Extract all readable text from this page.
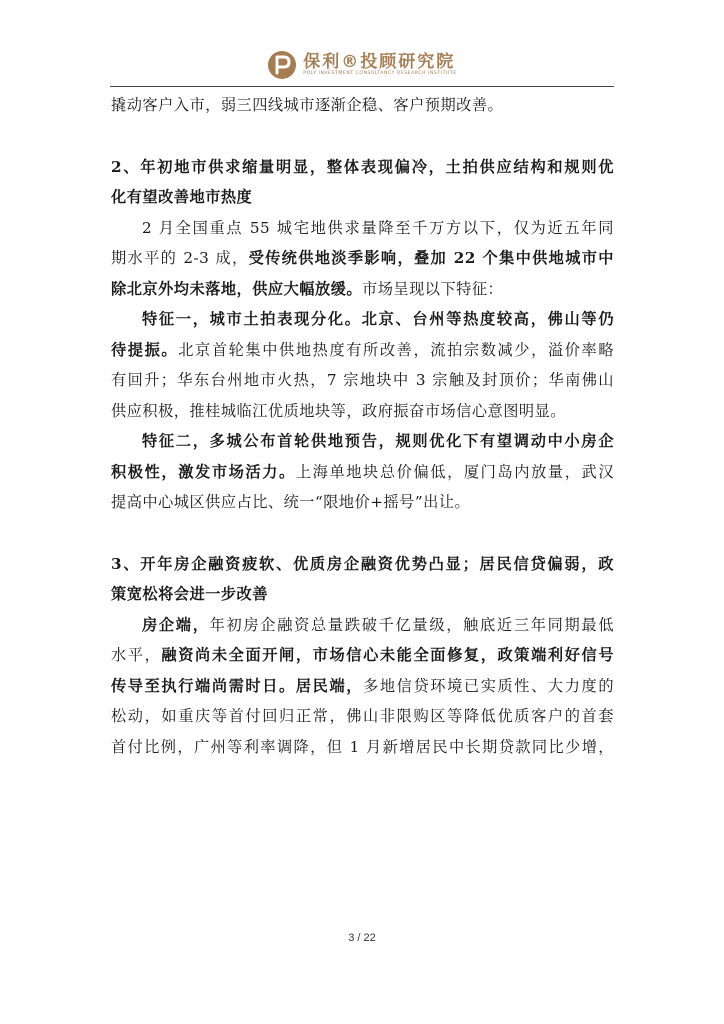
保利®投顾研究院
POLY INVESTMENT CONSULTANCY RESEARCH INSTITUTE

撬动客户入市，弱三四线城市逐渐企稳、客户预期改善。

2、年初地市供求缩量明显，整体表现偏冷，土拍供应结构和规则优

化有望改善地市热度

2 月全国重点 55 城宅地供求量降至千万方以下，仅为近五年同

期水平的 2-3 成，受传统供地淡季影响，叠加 22 个集中供地城市中

除北京外均未落地，供应大幅放缓。市场呈现以下特征：

特征一，城市土拍表现分化。北京、台州等热度较高，佛山等仍

待提振。北京首轮集中供地热度有所改善，流拍宗数减少，溢价率略

有回升；华东台州地市火热，7 宗地块中 3 宗触及封顶价；华南佛山

供应积极，推桂城临江优质地块等，政府振奋市场信心意图明显。

特征二，多城公布首轮供地预告，规则优化下有望调动中小房企

积极性，激发市场活力。上海单地块总价偏低，厦门岛内放量，武汉

提高中心城区供应占比、统一“限地价+摇号”出让。

3、开年房企融资疲软、优质房企融资优势凸显；居民信贷偏弱，政

策宽松将会进一步改善

房企端，年初房企融资总量跌破千亿量级，触底近三年同期最低

水平，融资尚未全面开闸，市场信心未能全面修复，政策端利好信号

传导至执行端尚需时日。居民端，多地信贷环境已实质性、大力度的

松动，如重庆等首付回归正常，佛山非限购区等降低优质客户的首套

首付比例，广州等利率调降，但 1 月新增居民中长期贷款同比少增，

3 / 22
